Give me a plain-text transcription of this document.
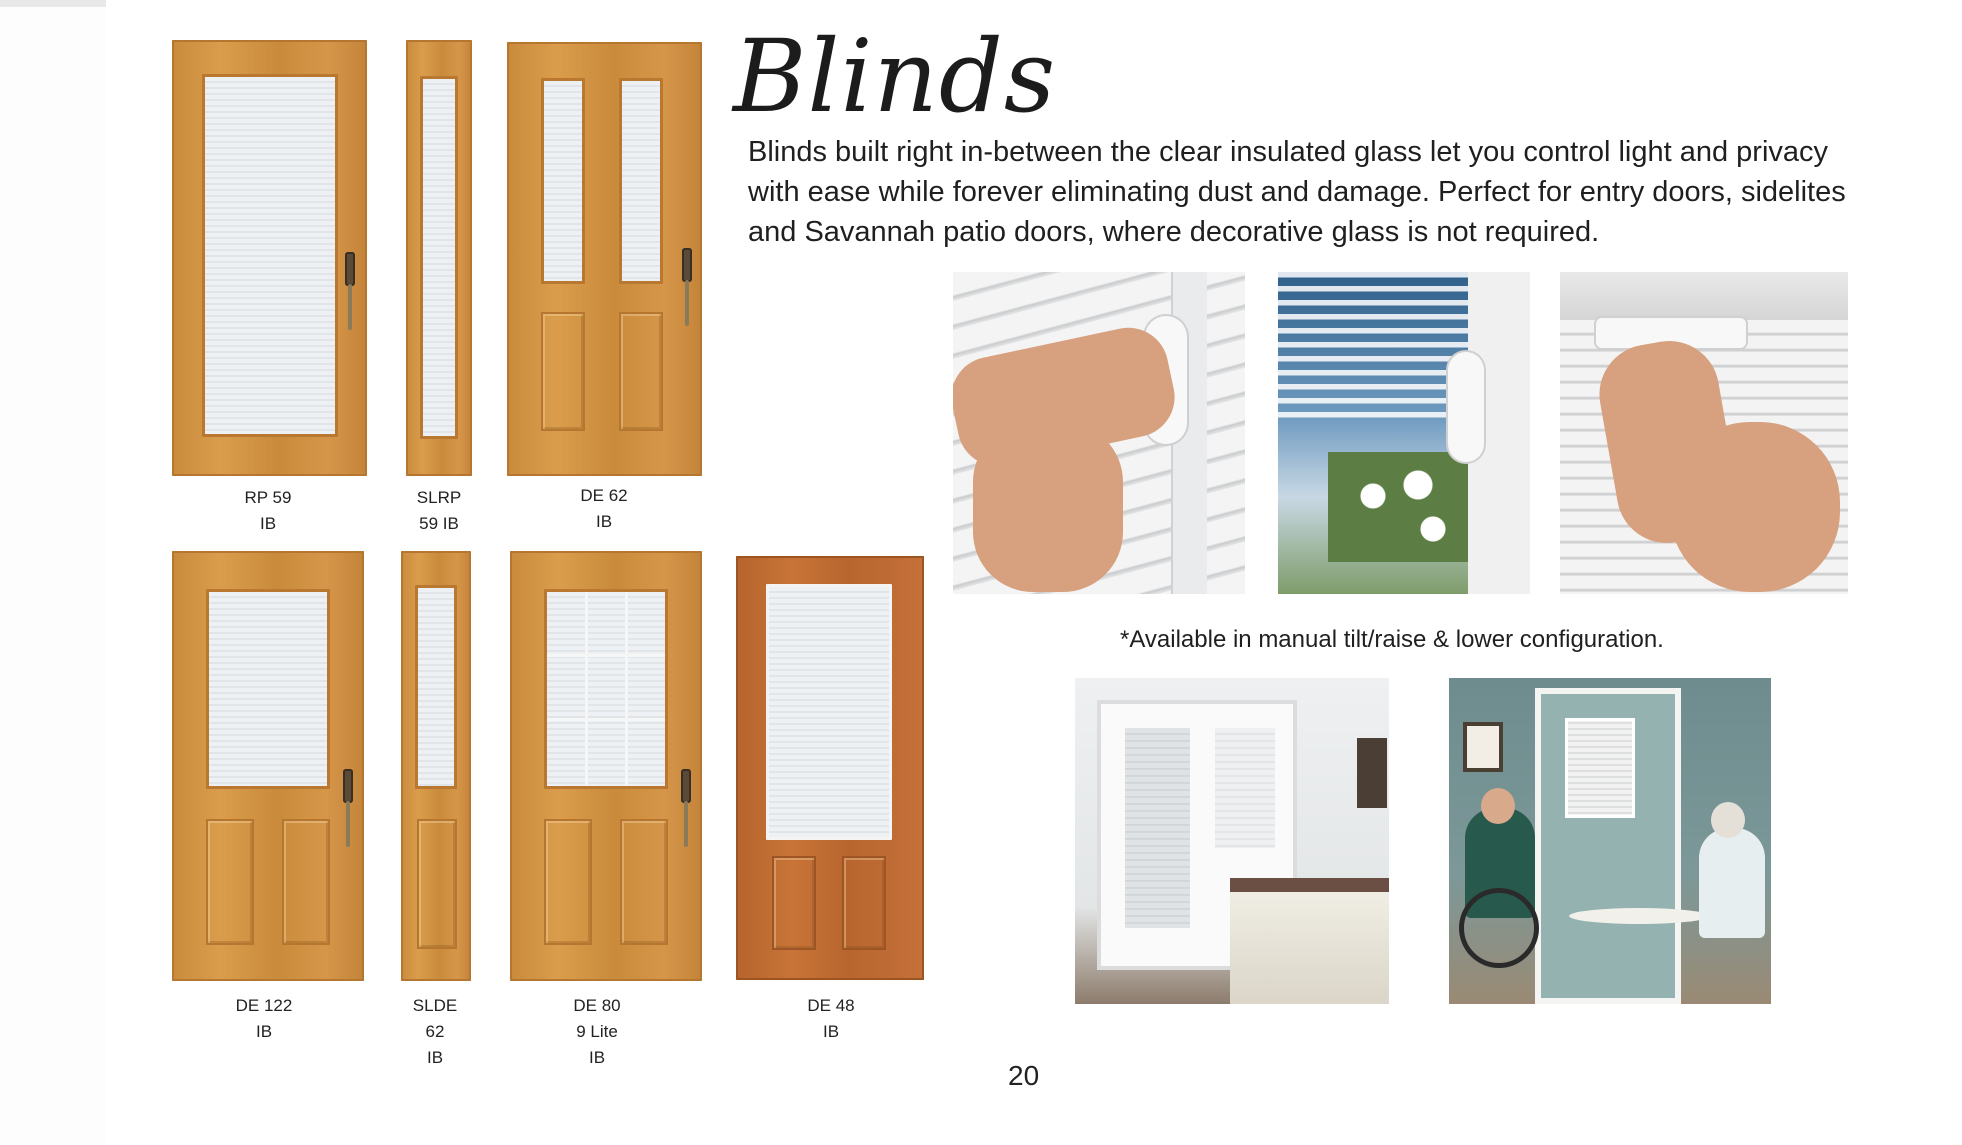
RP 59
IB
SLRP
59 IB
DE 62
IB
DE 122
IB
SLDE
62
IB
DE 80
9 Lite
IB
DE 48
IB
Blinds
Blinds built right in-between the clear insulated glass let you control light and privacy with ease while forever eliminating dust and damage. Perfect for entry doors, sidelites and Savannah patio doors, where decorative glass is not required.
*Available in manual tilt/raise & lower configuration.
20
